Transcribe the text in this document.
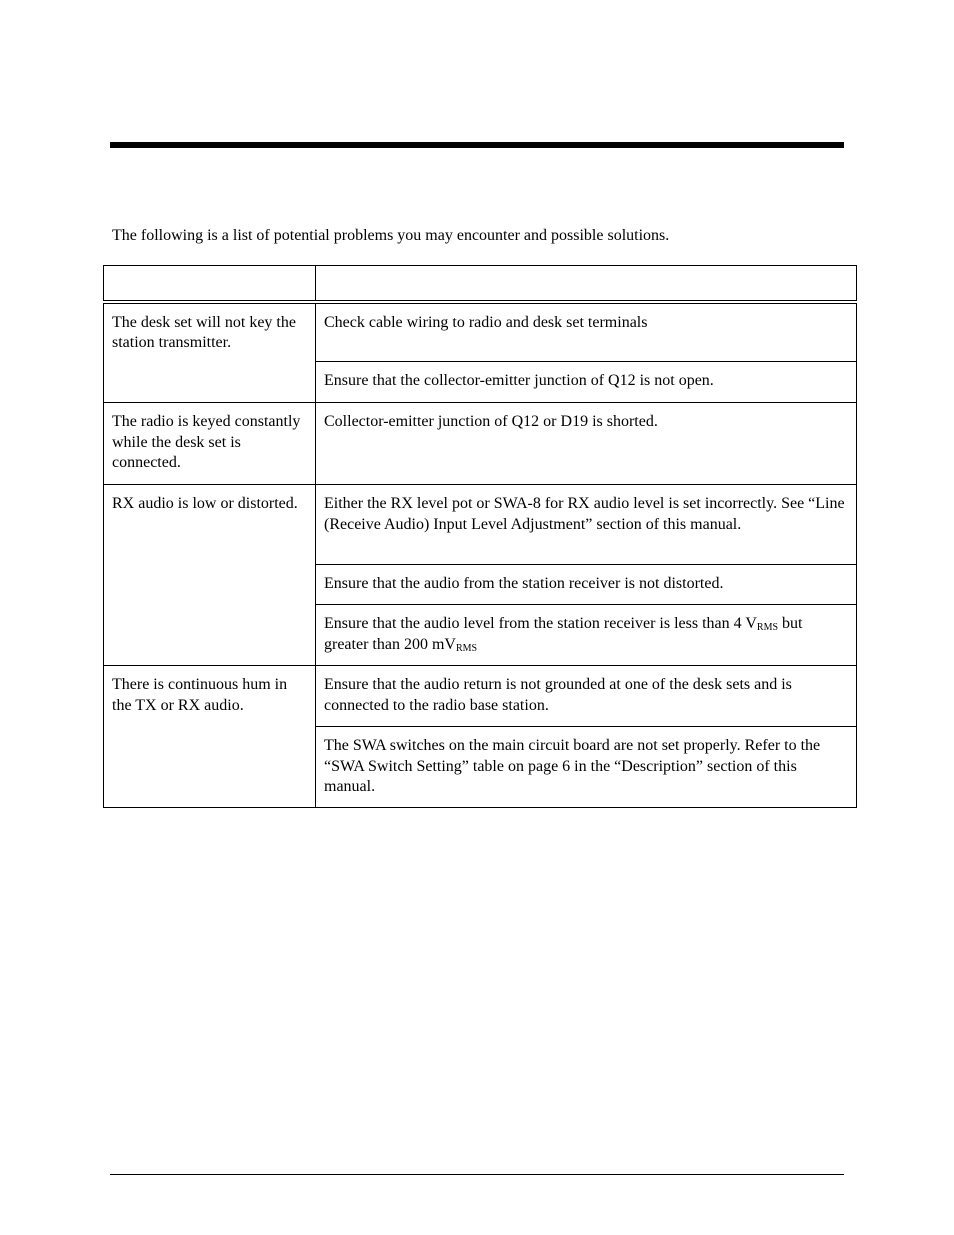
The following is a list of potential problems you may encounter and possible solutions.

The desk set will not key the station transmitter.	Check cable wiring to radio and desk set terminals
	Ensure that the collector-emitter junction of Q12 is not open.
The radio is keyed constantly while the desk set is connected.	Collector-emitter junction of Q12 or D19 is shorted.
RX audio is low or distorted.	Either the RX level pot or SWA-8 for RX audio level is set incorrectly. See “Line (Receive Audio) Input Level Adjustment” section of this manual.
	Ensure that the audio from the station receiver is not distorted.
	Ensure that the audio level from the station receiver is less than 4 $V_{RMS}$ but greater than 200 $mV_{RMS}$
There is continuous hum in the TX or RX audio.	Ensure that the audio return is not grounded at one of the desk sets and is connected to the radio base station.
	The SWA switches on the main circuit board are not set properly. Refer to the “SWA Switch Setting” table on page 6 in the “Description” section of this manual.
